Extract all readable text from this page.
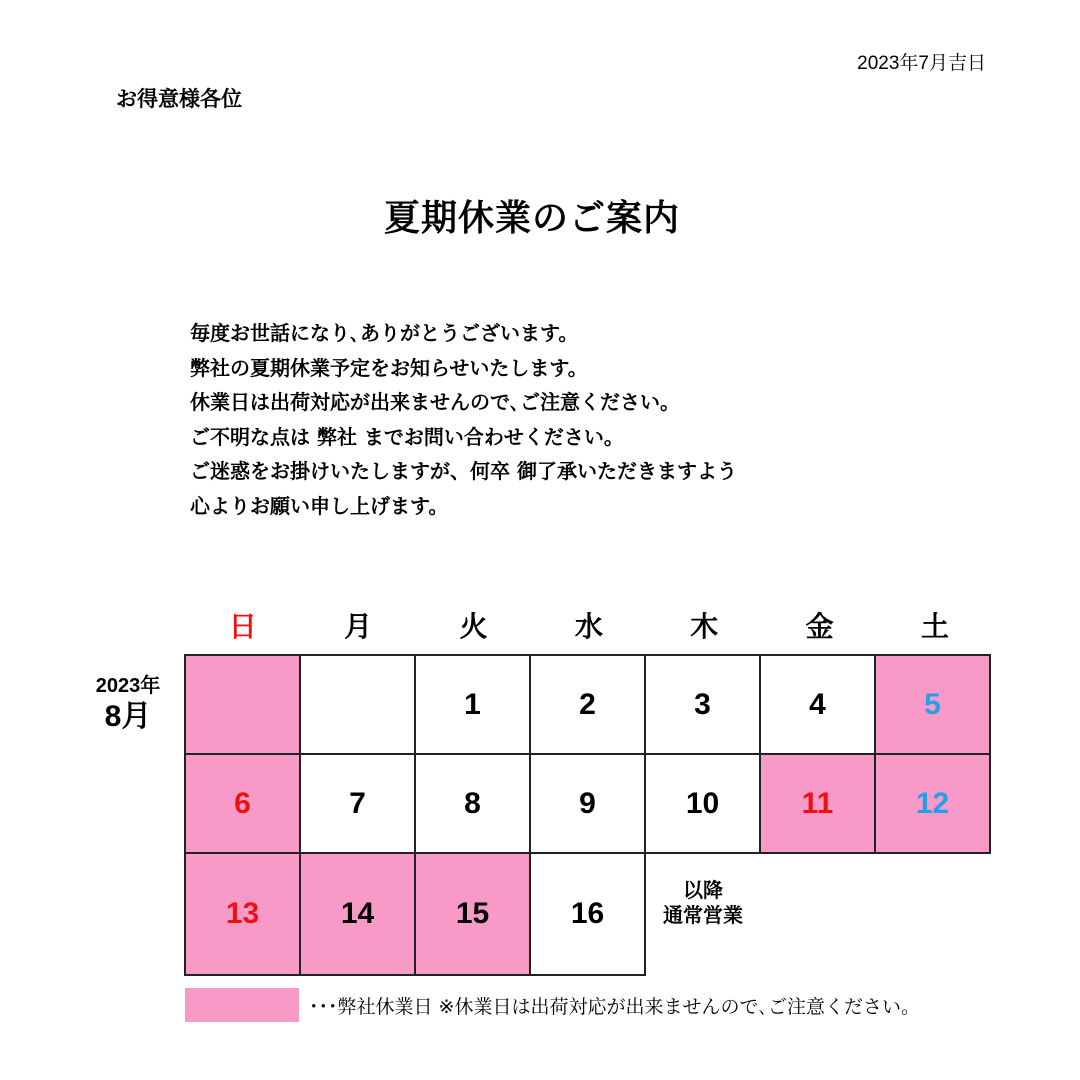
2023年7月吉日
お得意様各位
夏期休業のご案内
毎度お世話になり､ありがとうございます。
弊社の夏期休業予定をお知らせいたします。
休業日は出荷対応が出来ませんので､ご注意ください。
ご不明な点は 弊社 までお問い合わせください。
ご迷惑をお掛けいたしますが、何卒 御了承いただきますよう
心よりお願い申し上げます。
日	月	火	水	木	金	土
2023年
8月
			1	2	3	4	5
6	7	8	9	10	11	12
13	14	15	16	以降
通常営業		

･･･弊社休業日 ※休業日は出荷対応が出来ませんので､ご注意ください。
